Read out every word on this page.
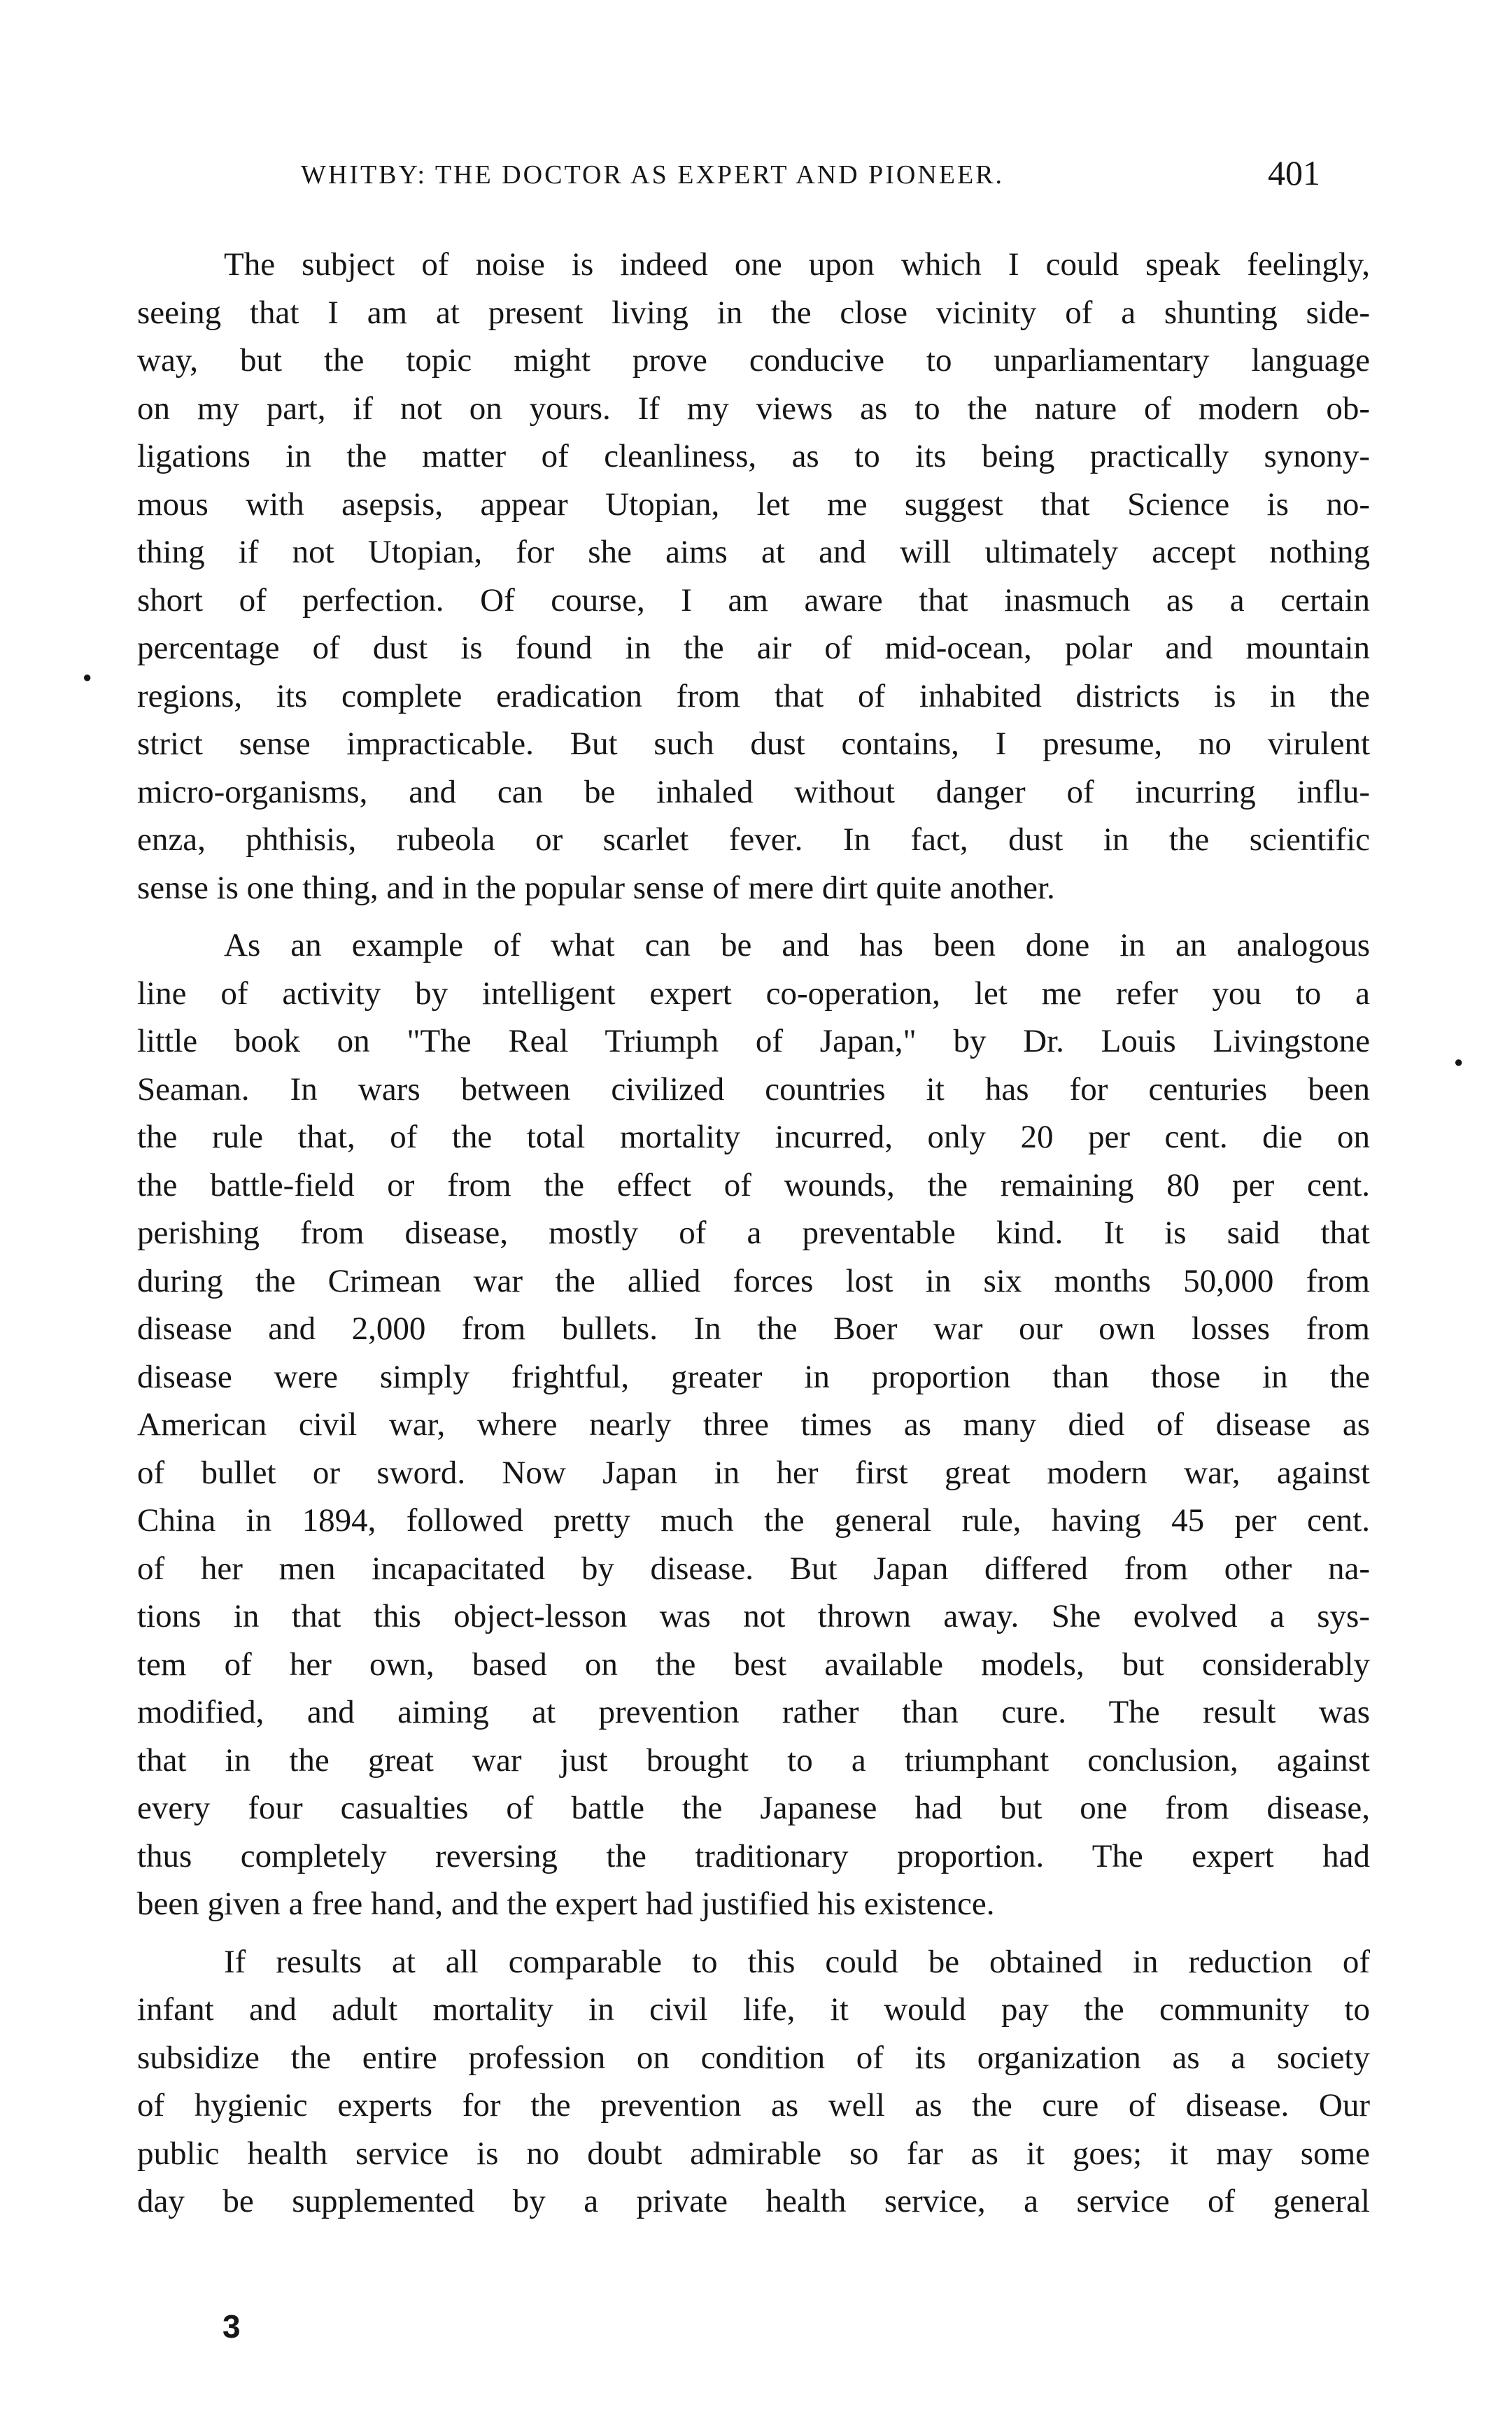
WHITBY: THE DOCTOR AS EXPERT AND PIONEER.	401
●
●
The subject of noise is indeed one upon which I could speak feelingly,
seeing that I am at present living in the close vicinity of a shunting side-
way, but the topic might prove conducive to unparliamentary language
on my part, if not on yours. If my views as to the nature of modern ob-
ligations in the matter of cleanliness, as to its being practically synony-
mous with asepsis, appear Utopian, let me suggest that Science is no-
thing if not Utopian, for she aims at and will ultimately accept nothing
short of perfection. Of course, I am aware that inasmuch as a certain
percentage of dust is found in the air of mid-ocean, polar and mountain
regions, its complete eradication from that of inhabited districts is in the
strict sense impracticable. But such dust contains, I presume, no virulent
micro-organisms, and can be inhaled without danger of incurring influ-
enza, phthisis, rubeola or scarlet fever. In fact, dust in the scientific
sense is one thing, and in the popular sense of mere dirt quite another.
As an example of what can be and has been done in an analogous
line of activity by intelligent expert co-operation, let me refer you to a
little book on "The Real Triumph of Japan," by Dr. Louis Livingstone
Seaman. In wars between civilized countries it has for centuries been
the rule that, of the total mortality incurred, only 20 per cent. die on
the battle-field or from the effect of wounds, the remaining 80 per cent.
perishing from disease, mostly of a preventable kind. It is said that
during the Crimean war the allied forces lost in six months 50,000 from
disease and 2,000 from bullets. In the Boer war our own losses from
disease were simply frightful, greater in proportion than those in the
American civil war, where nearly three times as many died of disease as
of bullet or sword. Now Japan in her first great modern war, against
China in 1894, followed pretty much the general rule, having 45 per cent.
of her men incapacitated by disease. But Japan differed from other na-
tions in that this object-lesson was not thrown away. She evolved a sys-
tem of her own, based on the best available models, but considerably
modified, and aiming at prevention rather than cure. The result was
that in the great war just brought to a triumphant conclusion, against
every four casualties of battle the Japanese had but one from disease,
thus completely reversing the traditionary proportion. The expert had
been given a free hand, and the expert had justified his existence.
If results at all comparable to this could be obtained in reduction of
infant and adult mortality in civil life, it would pay the community to
subsidize the entire profession on condition of its organization as a society
of hygienic experts for the prevention as well as the cure of disease. Our
public health service is no doubt admirable so far as it goes; it may some
day be supplemented by a private health service, a service of general
3
